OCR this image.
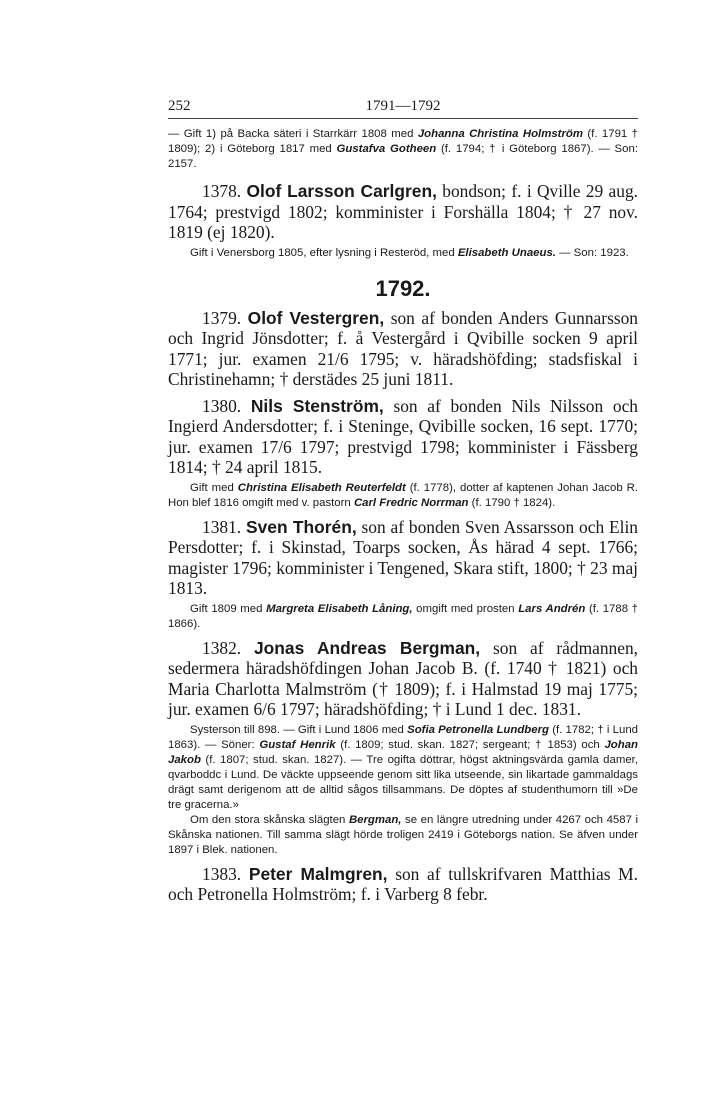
252	1791—1792

— Gift 1) på Backa säteri i Starrkärr 1808 med Johanna Christina Holmström (f. 1791 † 1809); 2) i Göteborg 1817 med Gustafva Gotheen (f. 1794; † i Göteborg 1867). — Son: 2157.

1378. Olof Larsson Carlgren, bondson; f. i Qville 29 aug. 1764; prestvigd 1802; komminister i Forshälla 1804; † 27 nov. 1819 (ej 1820).

Gift i Venersborg 1805, efter lysning i Resteröd, med Elisabeth Unaeus. — Son: 1923.

1792.

1379. Olof Vestergren, son af bonden Anders Gunnarsson och Ingrid Jönsdotter; f. å Vestergård i Qvibille socken 9 april 1771; jur. examen 21/6 1795; v. häradshöfding; stadsfiskal i Christinehamn; † derstädes 25 juni 1811.

1380. Nils Stenström, son af bonden Nils Nilsson och Ingierd Andersdotter; f. i Steninge, Qvibille socken, 16 sept. 1770; jur. examen 17/6 1797; prestvigd 1798; komminister i Fässberg 1814; † 24 april 1815.

Gift med Christina Elisabeth Reuterfeldt (f. 1778), dotter af kaptenen Johan Jacob R. Hon blef 1816 omgift med v. pastorn Carl Fredric Norrman (f. 1790 † 1824).

1381. Sven Thorén, son af bonden Sven Assarsson och Elin Persdotter; f. i Skinstad, Toarps socken, Ås härad 4 sept. 1766; magister 1796; komminister i Tengened, Skara stift, 1800; † 23 maj 1813.

Gift 1809 med Margreta Elisabeth Låning, omgift med prosten Lars Andrén (f. 1788 † 1866).

1382. Jonas Andreas Bergman, son af rådmannen, sedermera häradshöfdingen Johan Jacob B. (f. 1740 † 1821) och Maria Charlotta Malmström († 1809); f. i Halmstad 19 maj 1775; jur. examen 6/6 1797; häradshöfding; † i Lund 1 dec. 1831.

Systerson till 898. — Gift i Lund 1806 med Sofia Petronella Lundberg (f. 1782; † i Lund 1863). — Söner: Gustaf Henrik (f. 1809; stud. skan. 1827; sergeant; † 1853) och Johan Jakob (f. 1807; stud. skan. 1827). — Tre ogifta döttrar, högst aktningsvärda gamla damer, qvarboddc i Lund. De väckte uppseende genom sitt lika utseende, sin likartade gammaldags drägt samt derigenom att de alltid sågos tillsammans. De döptes af studenthumorn till »De tre gracerna.»

Om den stora skånska slägten Bergman, se en längre utredning under 4267 och 4587 i Skånska nationen. Till samma slägt hörde troligen 2419 i Göteborgs nation. Se äfven under 1897 i Blek. nationen.

1383. Peter Malmgren, son af tullskrifvaren Matthias M. och Petronella Holmström; f. i Varberg 8 febr.
